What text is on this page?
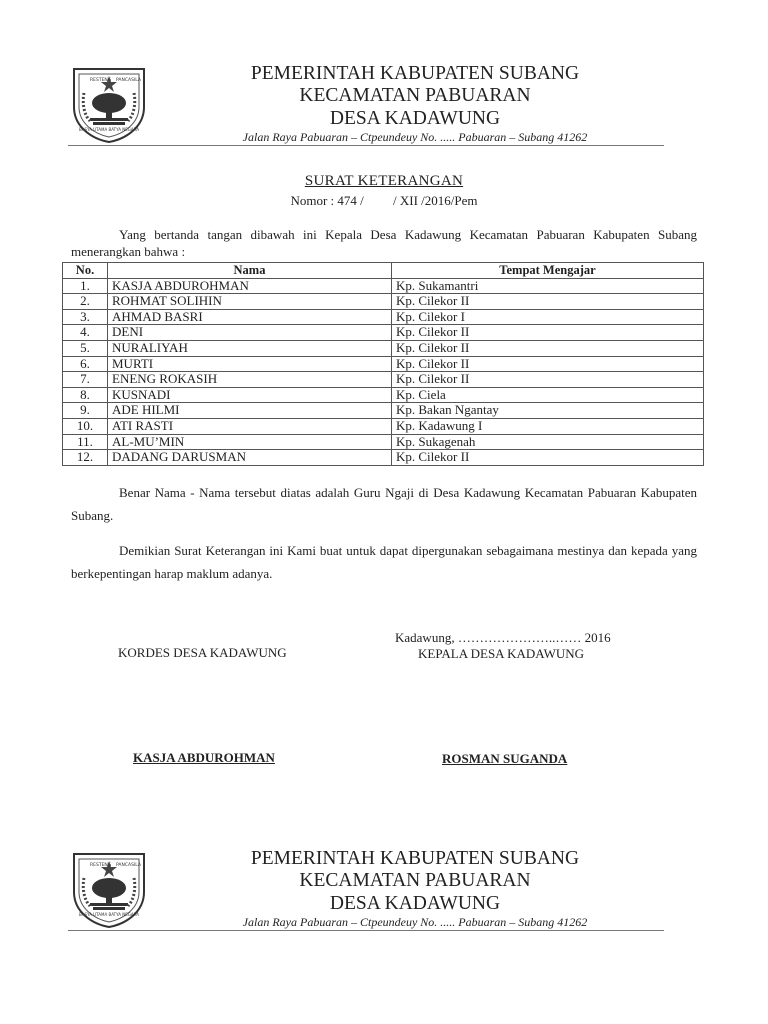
RESTENG PANCASILA
BASYA UTAMA BATYA NEGARA
PEMERINTAH KABUPATEN SUBANG
KECAMATAN PABUARAN
DESA KADAWUNG
Jalan Raya Pabuaran – Ctpeundeuy No. ..... Pabuaran – Subang 41262
SURAT KETERANGAN
Nomor : 474 /         / XII /2016/Pem
Yang bertanda tangan dibawah ini Kepala Desa Kadawung Kecamatan Pabuaran Kabupaten Subang menerangkan bahwa :
No.	Nama	Tempat Mengajar
1.	KASJA ABDUROHMAN	Kp. Sukamantri
2.	ROHMAT SOLIHIN	Kp. Cilekor II
3.	AHMAD BASRI	Kp. Cilekor I
4.	DENI	Kp. Cilekor II
5.	NURALIYAH	Kp. Cilekor II
6.	MURTI	Kp. Cilekor II
7.	ENENG ROKASIH	Kp. Cilekor II
8.	KUSNADI	Kp. Ciela
9.	ADE HILMI	Kp. Bakan Ngantay
10.	ATI RASTI	Kp. Kadawung I
11.	AL-MU’MIN	Kp. Sukagenah
12.	DADANG DARUSMAN	Kp. Cilekor II
Benar Nama - Nama tersebut diatas adalah Guru Ngaji di Desa Kadawung Kecamatan Pabuaran Kabupaten Subang.
Demikian Surat Keterangan ini Kami buat untuk dapat dipergunakan sebagaimana mestinya dan kepada yang berkepentingan harap maklum adanya.
Kadawung, …………………..…… 2016
KORDES DESA KADAWUNG	KEPALA DESA KADAWUNG
KASJA ABDUROHMAN	ROSMAN SUGANDA
RESTENG PANCASILA
BASYA UTAMA BATYA NEGARA
PEMERINTAH KABUPATEN SUBANG
KECAMATAN PABUARAN
DESA KADAWUNG
Jalan Raya Pabuaran – Ctpeundeuy No. ..... Pabuaran – Subang 41262
